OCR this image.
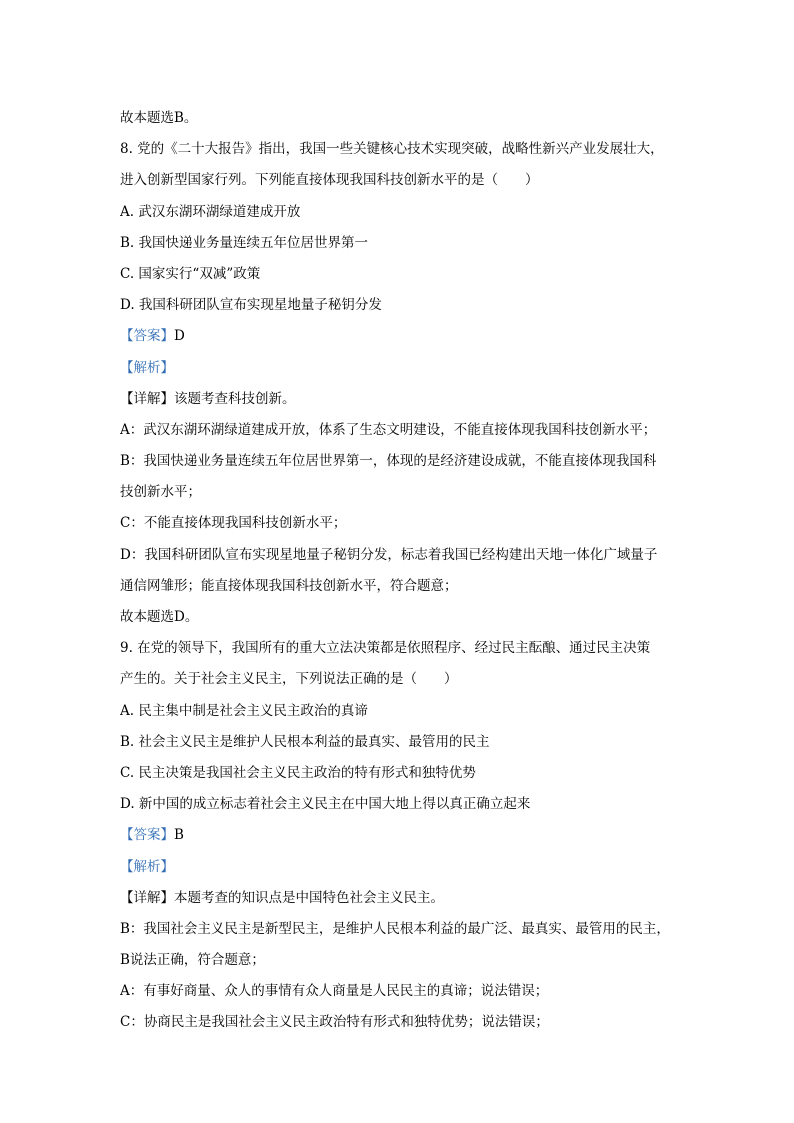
故本题选B。
8. 党的《二十大报告》指出，我国一些关键核心技术实现突破，战略性新兴产业发展壮大，
进入创新型国家行列。下列能直接体现我国科技创新水平的是（　　）
A. 武汉东湖环湖绿道建成开放
B. 我国快递业务量连续五年位居世界第一
C. 国家实行“双减”政策
D. 我国科研团队宣布实现星地量子秘钥分发
【答案】D
【解析】
【详解】该题考查科技创新。
A：武汉东湖环湖绿道建成开放，体系了生态文明建设，不能直接体现我国科技创新水平；
B：我国快递业务量连续五年位居世界第一，体现的是经济建设成就，不能直接体现我国科
技创新水平；
C：不能直接体现我国科技创新水平；
D：我国科研团队宣布实现星地量子秘钥分发，标志着我国已经构建出天地一体化广域量子
通信网雏形；能直接体现我国科技创新水平，符合题意；
故本题选D。
9. 在党的领导下，我国所有的重大立法决策都是依照程序、经过民主酝酿、通过民主决策
产生的。关于社会主义民主，下列说法正确的是（　　）
A. 民主集中制是社会主义民主政治的真谛
B. 社会主义民主是维护人民根本利益的最真实、最管用的民主
C. 民主决策是我国社会主义民主政治的特有形式和独特优势
D. 新中国的成立标志着社会主义民主在中国大地上得以真正确立起来
【答案】B
【解析】
【详解】本题考查的知识点是中国特色社会主义民主。
B：我国社会主义民主是新型民主，是维护人民根本利益的最广泛、最真实、最管用的民主，
B说法正确，符合题意；
A：有事好商量、众人的事情有众人商量是人民民主的真谛；说法错误；
C：协商民主是我国社会主义民主政治特有形式和独特优势；说法错误；
